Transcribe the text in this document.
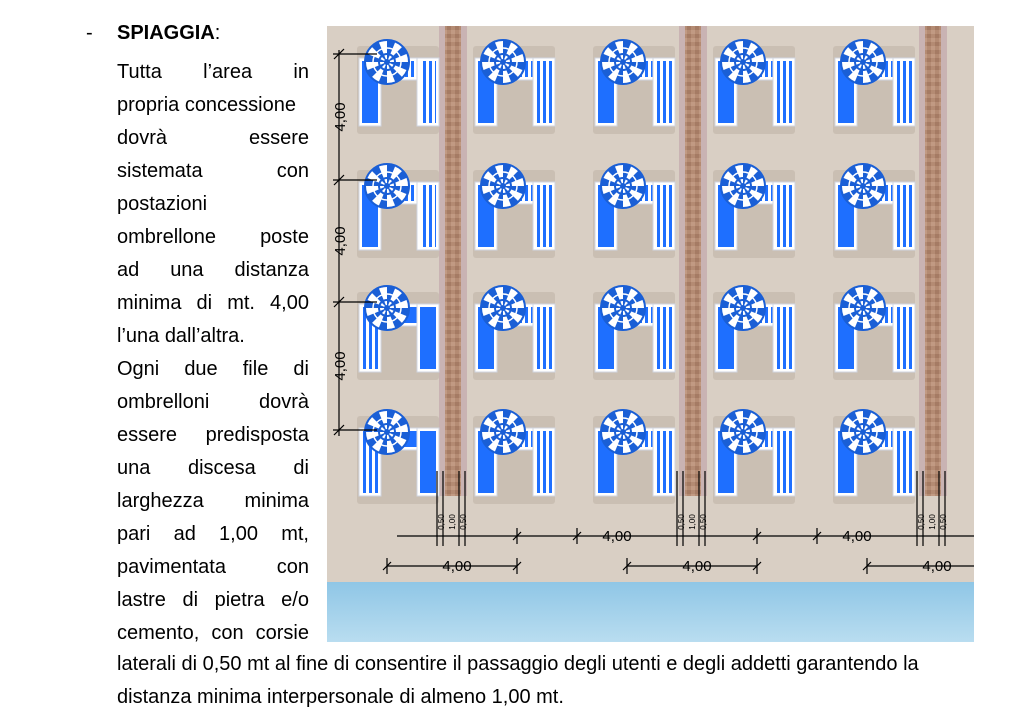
- SPIAGGIA:
Tutta l’area in
propria concessione
dovrà	essere
sistemata	con
postazioni
ombrellone poste
ad una distanza
minima di mt. 4,00
l’una dall’altra.
Ogni due file di
ombrelloni dovrà
essere predisposta
una discesa di
larghezza minima
pari ad 1,00 mt,
pavimentata	con
lastre di pietra e/o
cemento, con corsie
laterali di 0,50 mt al fine di consentire il passaggio degli utenti e degli addetti garantendo la
distanza minima interpersonale di almeno 1,00 mt.
4,00
4,00
4,00
4,00
4,00
4,00
4,00	4,00
0,50 1,00 0,50	0,50 1,00 0,50	0,50 1,00 0,50
